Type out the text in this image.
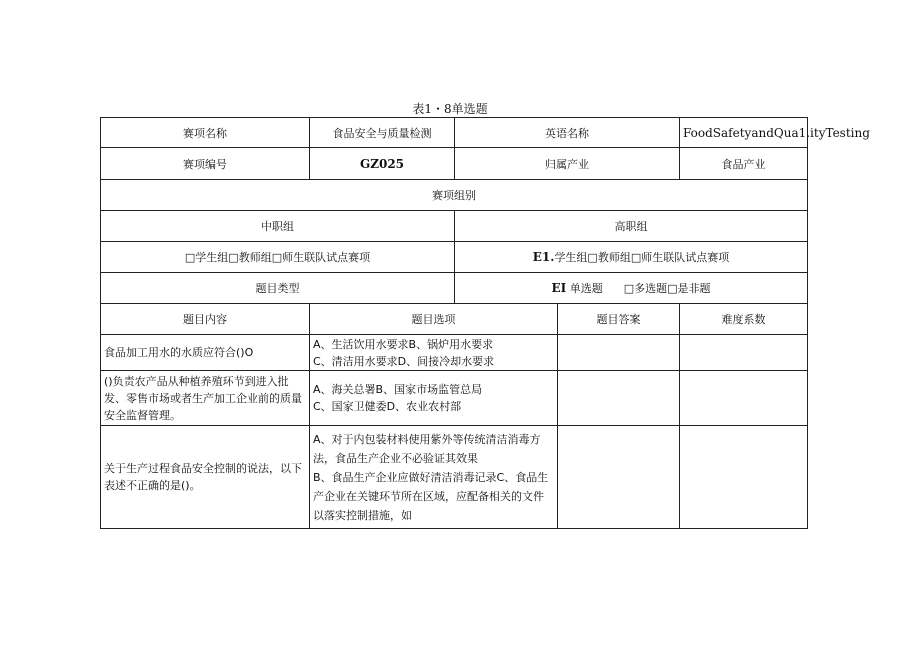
表1・8单选题
赛项名称	食品安全与质量检测	英语名称		FoodSafetyandQua1.ityTesting
赛项编号	GZ025	归属产业		食品产业
赛项组别				
中职组		高职组		
□学生组□教师组□师生联队试点赛项		E1.学生组□教师组□师生联队试点赛项		
题目类型		EI 单选题 □多选题□是非题		
题目内容	题目选项		题目答案	难度系数
食品加工用水的水质应符合()O	A、生活饮用水要求B、锅炉用水要求
C、清洁用水要求D、间接冷却水要求			

()负责农产品从种植养殖环节到进入批发、零售市场或者生产加工企业前的质量安全监督管理。	A、海关总署B、国家市场监管总局
C、国家卫健委D、农业农村部			

关于生产过程食品安全控制的说法，以下表述不正确的是()。	A、对于内包装材料使用紫外等传统清洁消毒方法，食品生产企业不必验证其效果
B、食品生产企业应做好清洁消毒记录C、食品生产企业在关键环节所在区域，应配备相关的文件以落实控制措施，如			
